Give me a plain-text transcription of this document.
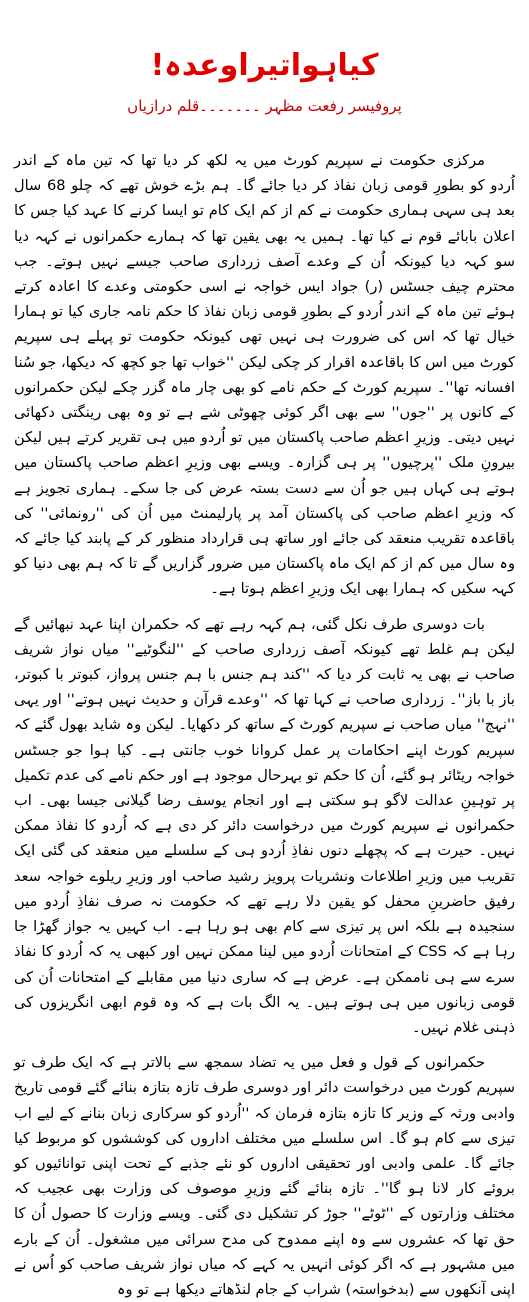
کیاہواتیراوعدہ!

پروفیسر رفعت مظہر ۔۔۔۔۔۔۔قلم درازیاں

مرکزی حکومت نے سپریم کورٹ میں یہ لکھ کر دیا تھا کہ تین ماہ کے اندر اُردو کو بطورِ قومی زبان نفاذ کر دیا جائے گا۔ ہم بڑے خوش تھے کہ چلو 68 سال بعد ہی سہی ہماری حکومت نے کم از کم ایک کام تو ایسا کرنے کا عہد کیا جس کا اعلان بابائے قوم نے کیا تھا۔ ہمیں یہ بھی یقین تھا کہ ہمارے حکمرانوں نے کہہ دیا سو کہہ دیا کیونکہ اُن کے وعدے آصف زرداری صاحب جیسے نہیں ہوتے۔ جب محترم چیف جسٹس (ر) جواد ایس خواجہ نے اسی حکومتی وعدے کا اعادہ کرتے ہوئے تین ماہ کے اندر اُردو کے بطورِ قومی زبان نفاذ کا حکم نامہ جاری کیا تو ہمارا خیال تھا کہ اس کی ضرورت ہی نہیں تھی کیونکہ حکومت تو پہلے ہی سپریم کورٹ میں اس کا باقاعدہ اقرار کر چکی لیکن ''خواب تھا جو کچھ کہ دیکھا، جو سُنا افسانہ تھا''۔ سپریم کورٹ کے حکم نامے کو بھی چار ماہ گزر چکے لیکن حکمرانوں کے کانوں پر ''جوں'' سے بھی اگر کوئی چھوٹی شے ہے تو وہ بھی رینگتی دکھائی نہیں دیتی۔ وزیرِ اعظم صاحب پاکستان میں تو اُردو میں ہی تقریر کرتے ہیں لیکن بیرونِ ملک ''پرچیوں'' پر ہی گزارہ۔ ویسے بھی وزیرِ اعظم صاحب پاکستان میں ہوتے ہی کہاں ہیں جو اُن سے دست بستہ عرض کی جا سکے۔ ہماری تجویز ہے کہ وزیرِ اعظم صاحب کی پاکستان آمد پر پارلیمنٹ میں اُن کی ''رونمائی'' کی باقاعدہ تقریب منعقد کی جائے اور ساتھ ہی قرارداد منظور کر کے پابند کیا جائے کہ وہ سال میں کم از کم ایک ماہ پاکستان میں ضرور گزاریں گے تا کہ ہم بھی دنیا کو کہہ سکیں کہ ہمارا بھی ایک وزیرِ اعظم ہوتا ہے۔

بات دوسری طرف نکل گئی، ہم کہہ رہے تھے کہ حکمران اپنا عہد نبھائیں گے لیکن ہم غلط تھے کیونکہ آصف زرداری صاحب کے ''لنگوٹیے'' میاں نواز شریف صاحب نے بھی یہ ثابت کر دیا کہ ''کند ہم جنس با ہم جنس پرواز، کبوتر با کبوتر، باز با باز''۔ زرداری صاحب نے کہا تھا کہ ''وعدے قرآن و حدیث نہیں ہوتے'' اور یہی ''نہج'' میاں صاحب نے سپریم کورٹ کے ساتھ کر دکھایا۔ لیکن وہ شاید بھول گئے کہ سپریم کورٹ اپنے احکامات پر عمل کروانا خوب جانتی ہے۔ کیا ہوا جو جسٹس خواجہ ریٹائر ہو گئے، اُن کا حکم تو بہرحال موجود ہے اور حکم نامے کی عدم تکمیل پر توہینِ عدالت لاگو ہو سکتی ہے اور انجام یوسف رضا گیلانی جیسا بھی۔ اب حکمرانوں نے سپریم کورٹ میں درخواست دائر کر دی ہے کہ اُردو کا نفاذ ممکن نہیں۔ حیرت ہے کہ پچھلے دنوں نفاذِ اُردو ہی کے سلسلے میں منعقد کی گئی ایک تقریب میں وزیرِ اطلاعات ونشریات پرویز رشید صاحب اور وزیرِ ریلوے خواجہ سعد رفیق حاضرینِ محفل کو یقین دلا رہے تھے کہ حکومت نہ صرف نفاذِ اُردو میں سنجیدہ ہے بلکہ اس پر تیزی سے کام بھی ہو رہا ہے۔ اب کہیں یہ جواز گھڑا جا رہا ہے کہ CSS کے امتحانات اُردو میں لینا ممکن نہیں اور کبھی یہ کہ اُردو کا نفاذ سرے سے ہی ناممکن ہے۔ عرض ہے کہ ساری دنیا میں مقابلے کے امتحانات اُن کی قومی زبانوں میں ہی ہوتے ہیں۔ یہ الگ بات ہے کہ وہ قوم ابھی انگریزوں کی ذہنی غلام نہیں۔

حکمرانوں کے قول و فعل میں یہ تضاد سمجھ سے بالاتر ہے کہ ایک طرف تو سپریم کورٹ میں درخواست دائر اور دوسری طرف تازہ بتازہ بنائے گئے قومی تاریخ وادبی ورثہ کے وزیر کا تازہ بتازہ فرمان کہ ''اُردو کو سرکاری زبان بنانے کے لیے اب تیزی سے کام ہو گا۔ اس سلسلے میں مختلف اداروں کی کوششوں کو مربوط کیا جائے گا۔ علمی وادبی اور تحقیقی اداروں کو نئے جذبے کے تحت اپنی توانائیوں کو بروئے کار لانا ہو گا''۔ تازہ بنائے گئے وزیرِ موصوف کی وزارت بھی عجیب کہ مختلف وزارتوں کے ''ٹوٹے'' جوڑ کر تشکیل دی گئی۔ ویسے وزارت کا حصول اُن کا حق تھا کہ عشروں سے وہ اپنے ممدوح کی مدح سرائی میں مشغول۔ اُن کے بارے میں مشہور ہے کہ اگر کوئی انہیں یہ کہے کہ میاں نواز شریف صاحب کو اُس نے اپنی آنکھوں سے (بدخواستہ) شراب کے جام لنڈھاتے دیکھا ہے تو وہ
